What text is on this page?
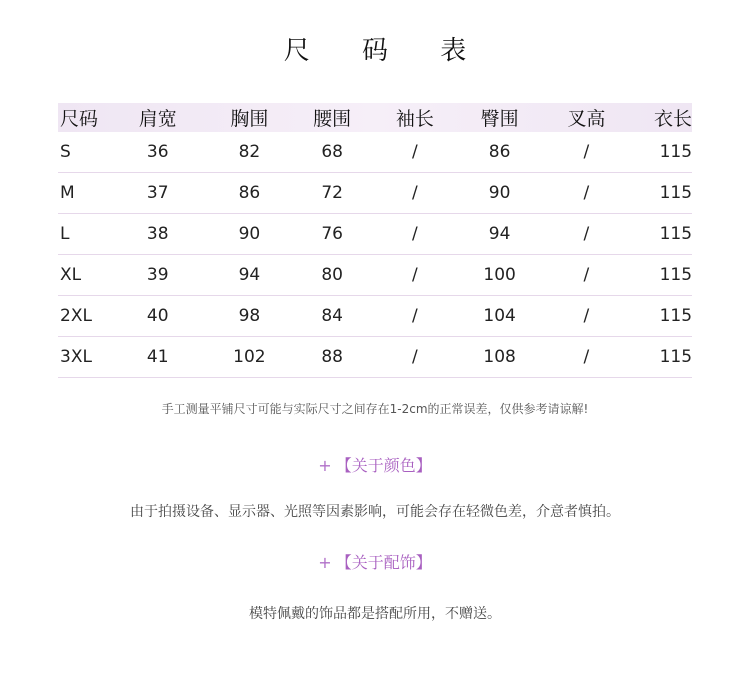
尺 码 表
尺码	肩宽	胸围	腰围	袖长	臀围	叉高	衣长
S	36	82	68	/	86	/	115
M	37	86	72	/	90	/	115
L	38	90	76	/	94	/	115
XL	39	94	80	/	100	/	115
2XL	40	98	84	/	104	/	115
3XL	41	102	88	/	108	/	115
手工测量平铺尺寸可能与实际尺寸之间存在1-2cm的正常误差，仅供参考请谅解!
+ 【关于颜色】
由于拍摄设备、显示器、光照等因素影响，可能会存在轻微色差，介意者慎拍。
+ 【关于配饰】
模特佩戴的饰品都是搭配所用，不赠送。
